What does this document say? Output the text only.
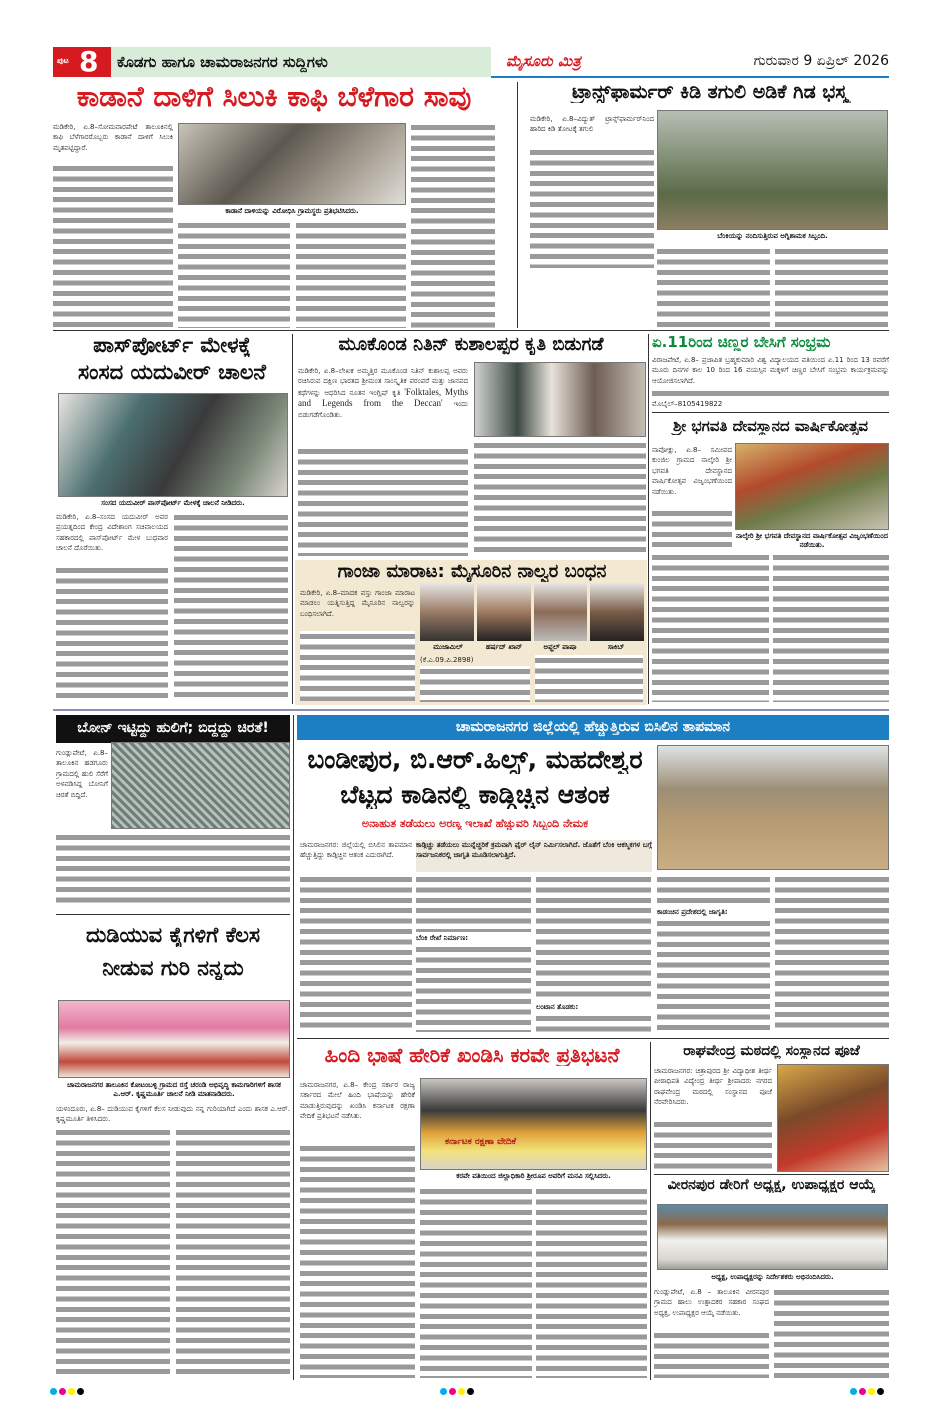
ಪುಟ 8 ಕೊಡಗು ಹಾಗೂ ಚಾಮರಾಜನಗರ ಸುದ್ದಿಗಳು	ಮೈಸೂರು ಮಿತ್ರ	ಗುರುವಾರ 9 ಏಪ್ರಿಲ್ 2026
ಕಾಡಾನೆ ದಾಳಿಗೆ ಸಿಲುಕಿ ಕಾಫಿ ಬೆಳೆಗಾರ ಸಾವು
ಮಡಿಕೇರಿ, ಏ.8–ಸೋಮವಾರಪೇಟೆ ತಾಲೂಕಿನಲ್ಲಿ ಕಾಫಿ ಬೆಳೆಗಾರರೊಬ್ಬರು ಕಾಡಾನೆ ದಾಳಿಗೆ ಸಿಲುಕಿ ಮೃತಪಟ್ಟಿದ್ದಾರೆ.
ಕಾಡಾನೆ ದಾಳಿಯನ್ನು ವಿರೋಧಿಸಿ ಗ್ರಾಮಸ್ಥರು ಪ್ರತಿಭಟಿಸಿದರು.
ಟ್ರಾನ್ಸ್‌ಫಾರ್ಮರ್ ಕಿಡಿ ತಗುಲಿ ಅಡಿಕೆ ಗಿಡ ಭಸ್ಮ
ಮಡಿಕೇರಿ, ಏ.8–ವಿದ್ಯುತ್ ಟ್ರಾನ್ಸ್‌ಫಾರ್ಮರ್‌ನಿಂದ ಹಾರಿದ ಕಿಡಿ ತೋಟಕ್ಕೆ ತಗುಲಿ
ಬೆಂಕಿಯನ್ನು ನಂದಿಸುತ್ತಿರುವ ಅಗ್ನಿಶಾಮಕ ಸಿಬ್ಬಂದಿ.
ಪಾಸ್‌ಪೋರ್ಟ್ ಮೇಳಕ್ಕೆ
ಸಂಸದ ಯದುವೀರ್ ಚಾಲನೆ
ಸಂಸದ ಯದುವೀರ್ ಪಾಸ್‌ಪೋರ್ಟ್ ಮೇಳಕ್ಕೆ ಚಾಲನೆ ನೀಡಿದರು.
ಮಡಿಕೇರಿ, ಏ.8–ಸಂಸದ ಯದುವೀರ್ ಅವರ ಪ್ರಯತ್ನದಿಂದ ಕೇಂದ್ರ ವಿದೇಶಾಂಗ ಸಚಿವಾಲಯದ ಸಹಕಾರದಲ್ಲಿ ಪಾಸ್‌ಪೋರ್ಟ್ ಮೇಳ ಬುಧವಾರ ಚಾಲನೆ ದೊರೆಯಿತು.
ಮೂಕೊಂಡ ನಿತಿನ್ ಕುಶಾಲಪ್ಪರ ಕೃತಿ ಬಿಡುಗಡೆ
ಮಡಿಕೇರಿ, ಏ.8–ಲೇಖಕ ಅಮ್ಮತ್ತಿರ ಮೂಕೊಂಡ ನಿತಿನ್ ಕುಶಾಲಪ್ಪ ಅವರು ರಚಿಸಿರುವ ದಕ್ಷಿಣ ಭಾರತದ ಶ್ರೀಮಂತ ಸಾಂಸ್ಕೃತಿಕ ಪರಂಪರೆ ಮತ್ತು ಜಾನಪದ ಕಥೆಗಳನ್ನು ಆಧರಿಸಿದ ನೂತನ ಇಂಗ್ಲಿಷ್ ಕೃತಿ 'Folktales, Myths and Legends from the Deccan' ಇಂದು ಬಿಡುಗಡೆಗೊಂಡಿತು.
ಗಾಂಜಾ ಮಾರಾಟ: ಮೈಸೂರಿನ ನಾಲ್ವರ ಬಂಧನ
ಮಡಿಕೇರಿ, ಏ.8–ಮಾದಕ ವಸ್ತು ಗಾಂಜಾ ಮಾರಾಟ ಮಾಡಲು ಯತ್ನಿಸುತ್ತಿದ್ದ ಮೈಸೂರಿನ ನಾಲ್ವರನ್ನು ಬಂಧಿಸಲಾಗಿದೆ.
ಮುಜಾಮಿಲ್	ಹರ್ಷದ್ ಖಾನ್	ಅಫ್ಜಲ್ ಪಾಷಾ	ಸಾಕಿಬ್
(ಕೆ.ಎ.09.ಪಿ.2898)
ಏ.11ರಿಂದ ಚಿಣ್ಣರ ಬೇಸಿಗೆ ಸಂಭ್ರಮ
ವಿರಾಜಪೇಟೆ, ಏ.8– ಪ್ರಜಾಪಿತ ಬ್ರಹ್ಮಕುಮಾರಿ ವಿಶ್ವ ವಿದ್ಯಾಲಯದ ವತಿಯಿಂದ ಏ.11 ರಿಂದ 13 ರವರೆಗೆ ಮೂರು ದಿನಗಳ ಕಾಲ 10 ರಿಂದ 16 ವಯಸ್ಸಿನ ಮಕ್ಕಳಿಗೆ ಚಿಣ್ಣರ ಬೇಸಿಗೆ ಸಂಭ್ರಮ ಕಾರ್ಯಕ್ರಮವನ್ನು ಆಯೋಜಿಸಲಾಗಿದೆ.
ಮೊಬೈಲ್–8105419822
ಶ್ರೀ ಭಗವತಿ ದೇವಸ್ಥಾನದ ವಾರ್ಷಿಕೋತ್ಸವ
ನಾಪೋಕ್ಲು, ಏ.8– ಸಮೀಪದ ಕುಂಜಿಲ ಗ್ರಾಮದ ನಾಲ್ಕೇರಿ ಶ್ರೀ ಭಗವತಿ ದೇವಸ್ಥಾನದ ವಾರ್ಷಿಕೋತ್ಸವ ವಿಜೃಂಭಣೆಯಿಂದ ನಡೆಯಿತು.
ನಾಲ್ಕೇರಿ ಶ್ರೀ ಭಗವತಿ ದೇವಸ್ಥಾನದ ವಾರ್ಷಿಕೋತ್ಸವ ವಿಜೃಂಭಣೆಯಿಂದ ನಡೆಯಿತು.
ಬೋನ್ ಇಟ್ಟಿದ್ದು ಹುಲಿಗೆ; ಬಿದ್ದದ್ದು ಚಿರತೆ!
ಗುಂಡ್ಲುಪೇಟೆ, ಏ.8– ತಾಲೂಕಿನ ಹಡಗೂರು ಗ್ರಾಮದಲ್ಲಿ ಹುಲಿ ಸೆರೆಗೆ ಅಳವಡಿಸಿದ್ದ ಬೋನಿಗೆ ಚಿರತೆ ಬಿದ್ದಿದೆ.
ದುಡಿಯುವ ಕೈಗಳಿಗೆ ಕೆಲಸ
ನೀಡುವ ಗುರಿ ನನ್ನದು
ಚಾಮರಾಜನಗರ ತಾಲೂಕಿನ ಕೋಟಂಬಳ್ಳಿ ಗ್ರಾಮದ ರಸ್ತೆ ಚರಂಡಿ ಅಭಿವೃದ್ಧಿ ಕಾಮಗಾರಿಗಳಿಗೆ ಶಾಸಕ ಎ.ಆರ್. ಕೃಷ್ಣಮೂರ್ತಿ ಚಾಲನೆ ನೀಡಿ ಮಾತನಾಡಿದರು.
ಯಳಂದೂರು, ಏ.8– ದುಡಿಯುವ ಕೈಗಳಿಗೆ ಕೆಲಸ ನೀಡುವುದು ನನ್ನ ಗುರಿಯಾಗಿದೆ ಎಂದು ಶಾಸಕ ಎ.ಆರ್. ಕೃಷ್ಣಮೂರ್ತಿ ತಿಳಿಸಿದರು.
ಚಾಮರಾಜನಗರ ಜಿಲ್ಲೆಯಲ್ಲಿ ಹೆಚ್ಚುತ್ತಿರುವ ಬಿಸಿಲಿನ ತಾಪಮಾನ
ಬಂಡೀಪುರ, ಬಿ.ಆರ್.ಹಿಲ್ಸ್, ಮಹದೇಶ್ವರ
ಬೆಟ್ಟದ ಕಾಡಿನಲ್ಲಿ ಕಾಡ್ಗಿಚ್ಚಿನ ಆತಂಕ
ಅನಾಹುತ ತಡೆಯಲು ಅರಣ್ಯ ಇಲಾಖೆ ಹೆಚ್ಚುವರಿ ಸಿಬ್ಬಂದಿ ನೇಮಕ
ಚಾಮರಾಜನಗರ: ಜಿಲ್ಲೆಯಲ್ಲಿ ಬಿಸಿಲಿನ ತಾಪಮಾನ ಹೆಚ್ಚುತ್ತಿದ್ದು ಕಾಡ್ಗಿಚ್ಚಿನ ಆತಂಕ ಎದುರಾಗಿದೆ.
ಕಾಡ್ಗಿಚ್ಚು ತಡೆಯಲು ಮುನ್ನೆಚ್ಚರಿಕೆ ಕ್ರಮವಾಗಿ ಫೈರ್ ಲೈನ್ ನಿರ್ಮಿಸಲಾಗಿದೆ. ಜೊತೆಗೆ ಬೆಂಕಿ ಆಕಸ್ಮಿಕಗಳ ಬಗ್ಗೆ ಸಾರ್ವಜನಿಕರಲ್ಲಿ ಜಾಗೃತಿ ಮೂಡಿಸಲಾಗುತ್ತಿದೆ.
ಬೆಂಕಿ ರೇಖೆ ನಿರ್ಮಾಣ:
ಲಂಟಾನ ತೊಡಕು:
ಕಾಡಂಚಿನ ಪ್ರದೇಶದಲ್ಲಿ ಜಾಗೃತಿ:
ಹಿಂದಿ ಭಾಷೆ ಹೇರಿಕೆ ಖಂಡಿಸಿ ಕರವೇ ಪ್ರತಿಭಟನೆ
ಚಾಮರಾಜನಗರ, ಏ.8– ಕೇಂದ್ರ ಸರ್ಕಾರ ರಾಜ್ಯ ಸರ್ಕಾರದ ಮೇಲೆ ಹಿಂದಿ ಭಾಷೆಯನ್ನು ಹೇರಿಕೆ ಮಾಡುತ್ತಿರುವುದನ್ನು ಖಂಡಿಸಿ ಕರ್ನಾಟಕ ರಕ್ಷಣಾ ವೇದಿಕೆ ಪ್ರತಿಭಟನೆ ನಡೆಸಿತು.
ಕರ್ನಾಟಕ ರಕ್ಷಣಾ ವೇದಿಕೆ
ಕರವೇ ವತಿಯಿಂದ ಜಿಲ್ಲಾಧಿಕಾರಿ ಶ್ರೀರೂಪ ಅವರಿಗೆ ಮನವಿ ಸಲ್ಲಿಸಿದರು.
ರಾಘವೇಂದ್ರ ಮಠದಲ್ಲಿ ಸಂಸ್ಥಾನದ ಪೂಜೆ
ಚಾಮರಾಜನಗರ: ಚಿತ್ರಾಪುರದ ಶ್ರೀ ವಿದ್ಯಾಧೀಶ ತೀರ್ಥ ಪೀಠಾಧಿಪತಿ ವಿದ್ಯೇಂದ್ರ ತೀರ್ಥ ಶ್ರೀಪಾದರು ನಗರದ ರಾಘವೇಂದ್ರ ಮಠದಲ್ಲಿ ಸಂಸ್ಥಾನದ ಪೂಜೆ ನೆರವೇರಿಸಿದರು.
ವೀರನಪುರ ಡೇರಿಗೆ ಅಧ್ಯಕ್ಷ, ಉಪಾಧ್ಯಕ್ಷರ ಆಯ್ಕೆ
ಅಧ್ಯಕ್ಷ, ಉಪಾಧ್ಯಕ್ಷರನ್ನು ನಿರ್ದೇಶಕರು ಅಭಿನಂದಿಸಿದರು.
ಗುಂಡ್ಲುಪೇಟೆ, ಏ.8 – ತಾಲೂಕಿನ ವೀರನಪುರ ಗ್ರಾಮದ ಹಾಲು ಉತ್ಪಾದಕರ ಸಹಕಾರ ಸಂಘದ ಅಧ್ಯಕ್ಷ, ಉಪಾಧ್ಯಕ್ಷರ ಆಯ್ಕೆ ನಡೆಯಿತು.
